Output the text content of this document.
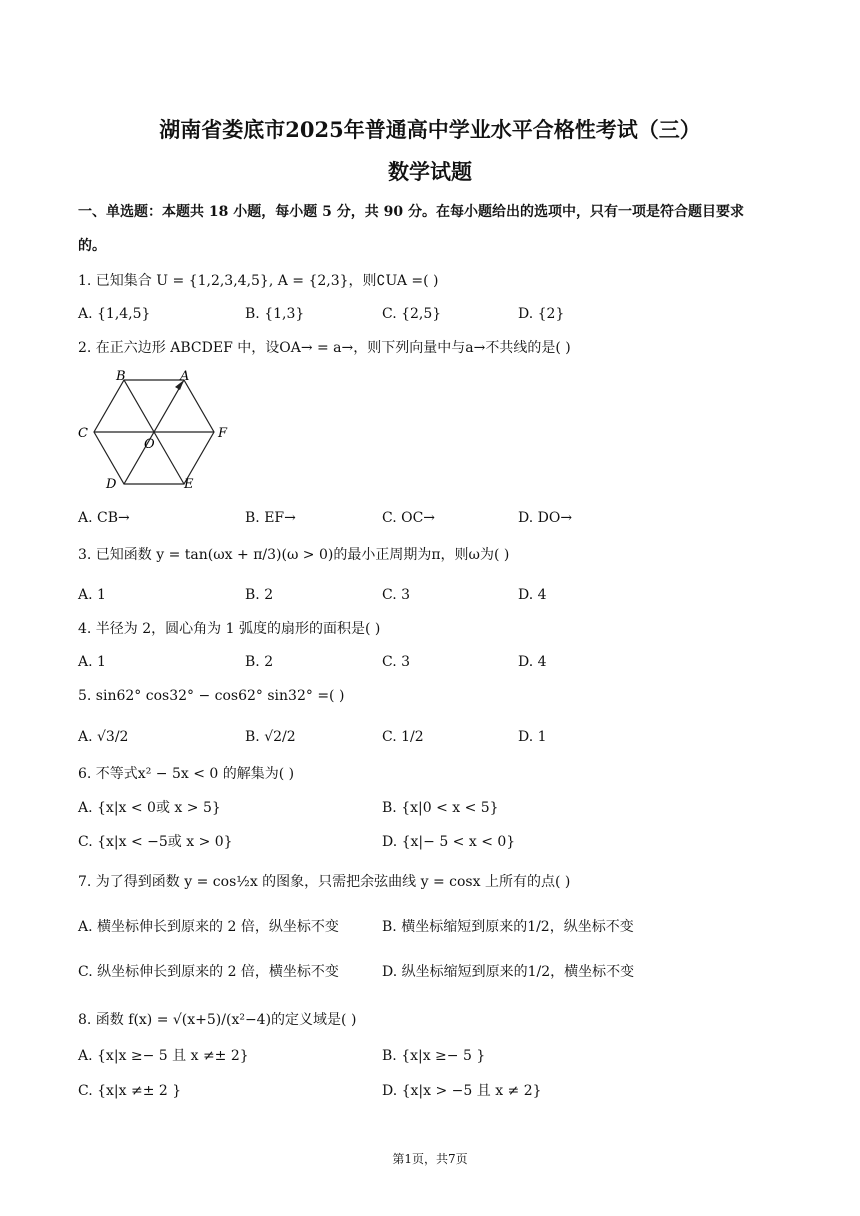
湖南省娄底市2025年普通高中学业水平合格性考试（三）
数学试题
一、单选题：本题共 18 小题，每小题 5 分，共 90 分。在每小题给出的选项中，只有一项是符合题目要求
的。
1. 已知集合 U = {1,2,3,4,5}, A = {2,3}，则∁UA =( )
A. {1,4,5}	B. {1,3}	C. {2,5}	D. {2}
2. 在正六边形 ABCDEF 中，设OA→ = a→，则下列向量中与a→不共线的是( )
B	A
C
O
F
D	E
A. CB→	B. EF→	C. OC→	D. DO→
3. 已知函数 y = tan(ωx + π/3)(ω > 0)的最小正周期为π，则ω为( )
A. 1	B. 2	C. 3	D. 4
4. 半径为 2，圆心角为 1 弧度的扇形的面积是( )
A. 1	B. 2	C. 3	D. 4
5. sin62° cos32° − cos62° sin32° =( )
A. √3/2	B. √2/2	C. 1/2	D. 1
6. 不等式x² − 5x < 0 的解集为( )
A. {x|x < 0或 x > 5}	B. {x|0 < x < 5}
C. {x|x < −5或 x > 0}	D. {x|− 5 < x < 0}
7. 为了得到函数 y = cos½x 的图象，只需把余弦曲线 y = cosx 上所有的点( )
A. 横坐标伸长到原来的 2 倍，纵坐标不变	B. 横坐标缩短到原来的1/2，纵坐标不变
C. 纵坐标伸长到原来的 2 倍，横坐标不变	D. 纵坐标缩短到原来的1/2，横坐标不变
8. 函数 f(x) = √(x+5)/(x²−4)的定义域是( )
A. {x|x ≥− 5 且 x ≠± 2}	B. {x|x ≥− 5 }
C. {x|x ≠± 2 }	D. {x|x > −5 且 x ≠ 2}
第1页，共7页
